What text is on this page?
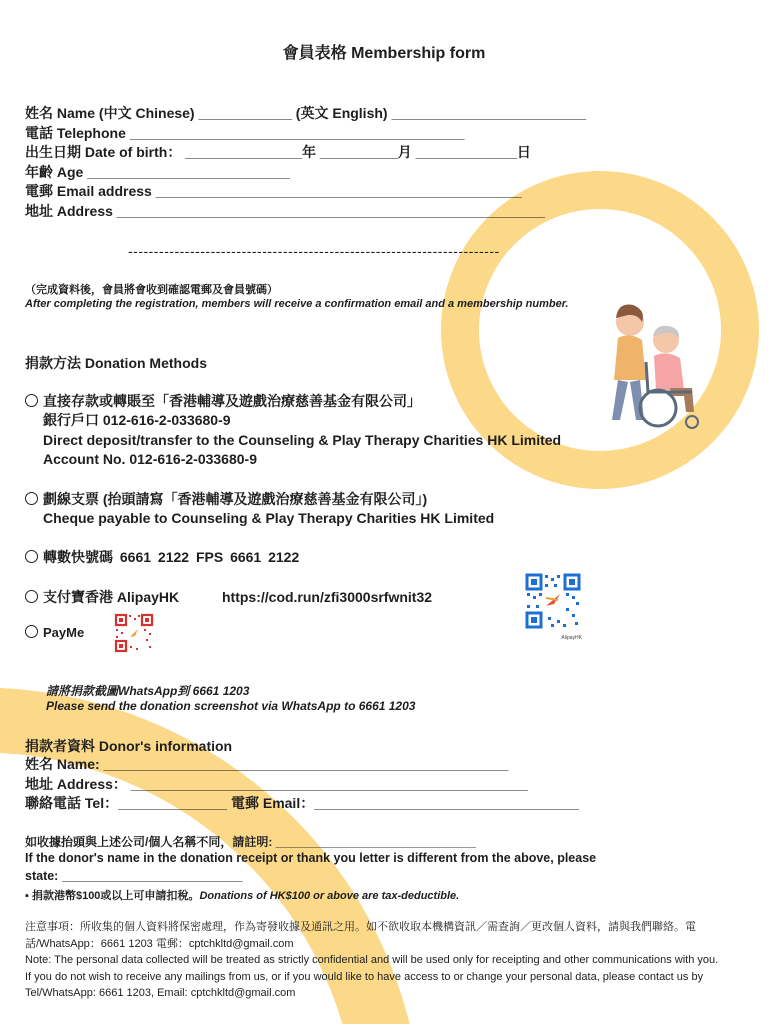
會員表格 Membership form
姓名 Name (中文 Chinese) ____________ (英文 English) _________________________
電話 Telephone ___________________________________________
出生日期 Date of birth： _______________年 __________月 _____________日
年齡 Age __________________________
電郵 Email address _______________________________________________
地址 Address _______________________________________________________
------------------------------------------------------------------------
（完成資料後，會員將會收到確認電郵及會員號碼）
After completing the registration, members will receive a confirmation email and a membership number.
捐款方法 Donation Methods
直接存款或轉賬至「香港輔導及遊戲治療慈善基金有限公司」
銀行戶口 012-616-2-033680-9
Direct deposit/transfer to the Counseling & Play Therapy Charities HK Limited
Account No. 012-616-2-033680-9
劃線支票 (抬頭請寫「香港輔導及遊戲治療慈善基金有限公司」)
Cheque payable to Counseling & Play Therapy Charities HK Limited
轉數快號碼 6661 2122 FPS 6661 2122
支付寶香港 AlipayHK	https://cod.run/zfi3000srfwnit32
AlipayHK
PayMe
請將捐款截圖WhatsApp到 6661 1203
Please send the donation screenshot via WhatsApp to 6661 1203
捐款者資料 Donor's information
姓名 Name: ____________________________________________________
地址 Address： ___________________________________________________
聯絡電話 Tel：______________ 電郵 Email：__________________________________
如收據抬頭與上述公司/個人名稱不同，請註明: ______________________________
If the donor's name in the donation receipt or thank you letter is different from the above, please
state: __________________________
▪ 捐款港幣$100或以上可申請扣稅。Donations of HK$100 or above are tax-deductible.
注意事項：所收集的個人資料將保密處理，作為寄發收據及通訊之用。如不欲收取本機構資訊／需查詢／更改個人資料，請與我們聯絡。電話/WhatsApp：6661 1203 電郵：cptchkltd@gmail.com
Note: The personal data collected will be treated as strictly confidential and will be used only for receipting and other communications with you. If you do not wish to receive any mailings from us, or if you would like to have access to or change your personal data, please contact us by Tel/WhatsApp: 6661 1203, Email: cptchkltd@gmail.com
